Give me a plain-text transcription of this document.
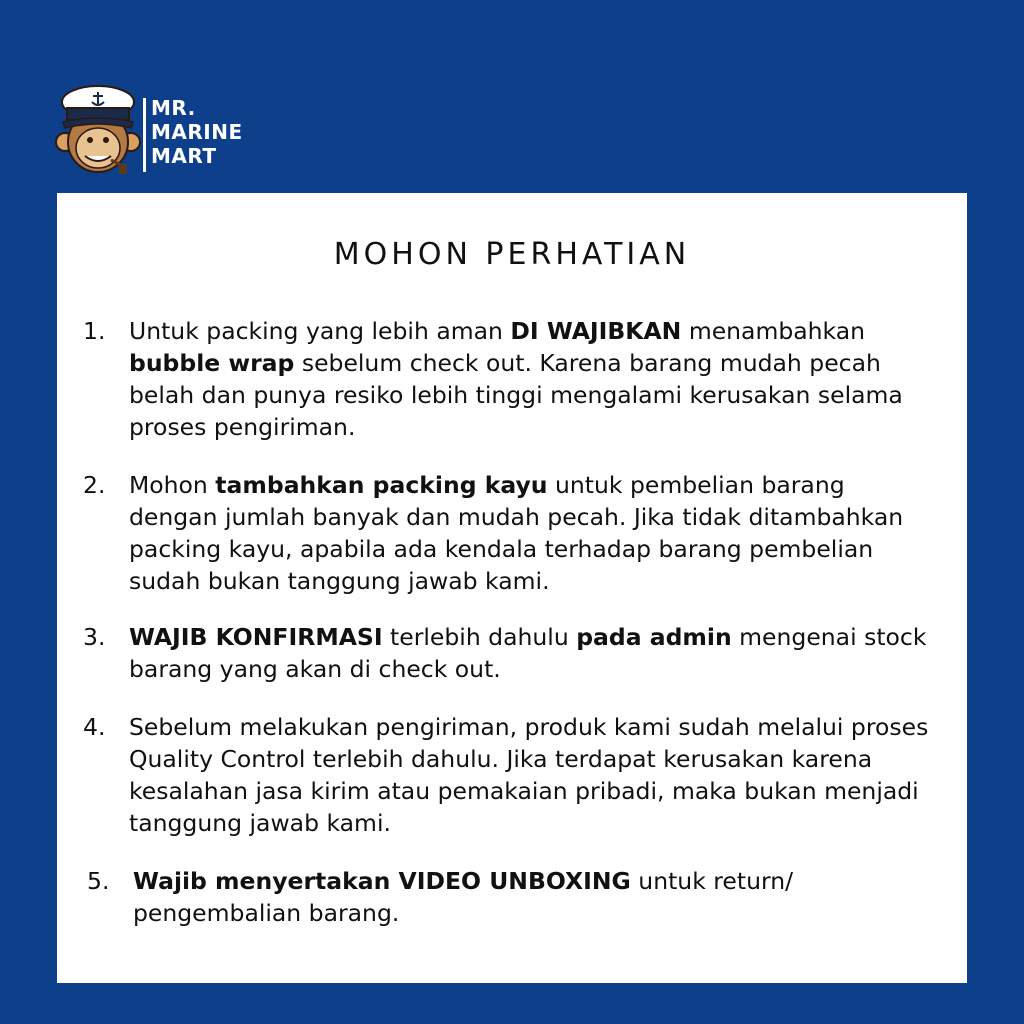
MR.
MARINE
MART
MOHON PERHATIAN
1. Untuk packing yang lebih aman DI WAJIBKAN menambahkan bubble wrap sebelum check out. Karena barang mudah pecah belah dan punya resiko lebih tinggi mengalami kerusakan selama proses pengiriman.
2. Mohon tambahkan packing kayu untuk pembelian barang dengan jumlah banyak dan mudah pecah. Jika tidak ditambahkan packing kayu, apabila ada kendala terhadap barang pembelian sudah bukan tanggung jawab kami.
3. WAJIB KONFIRMASI terlebih dahulu pada admin mengenai stock barang yang akan di check out.
4. Sebelum melakukan pengiriman, produk kami sudah melalui proses Quality Control terlebih dahulu. Jika terdapat kerusakan karena kesalahan jasa kirim atau pemakaian pribadi, maka bukan menjadi tanggung jawab kami.
5. Wajib menyertakan VIDEO UNBOXING untuk return/ pengembalian barang.
